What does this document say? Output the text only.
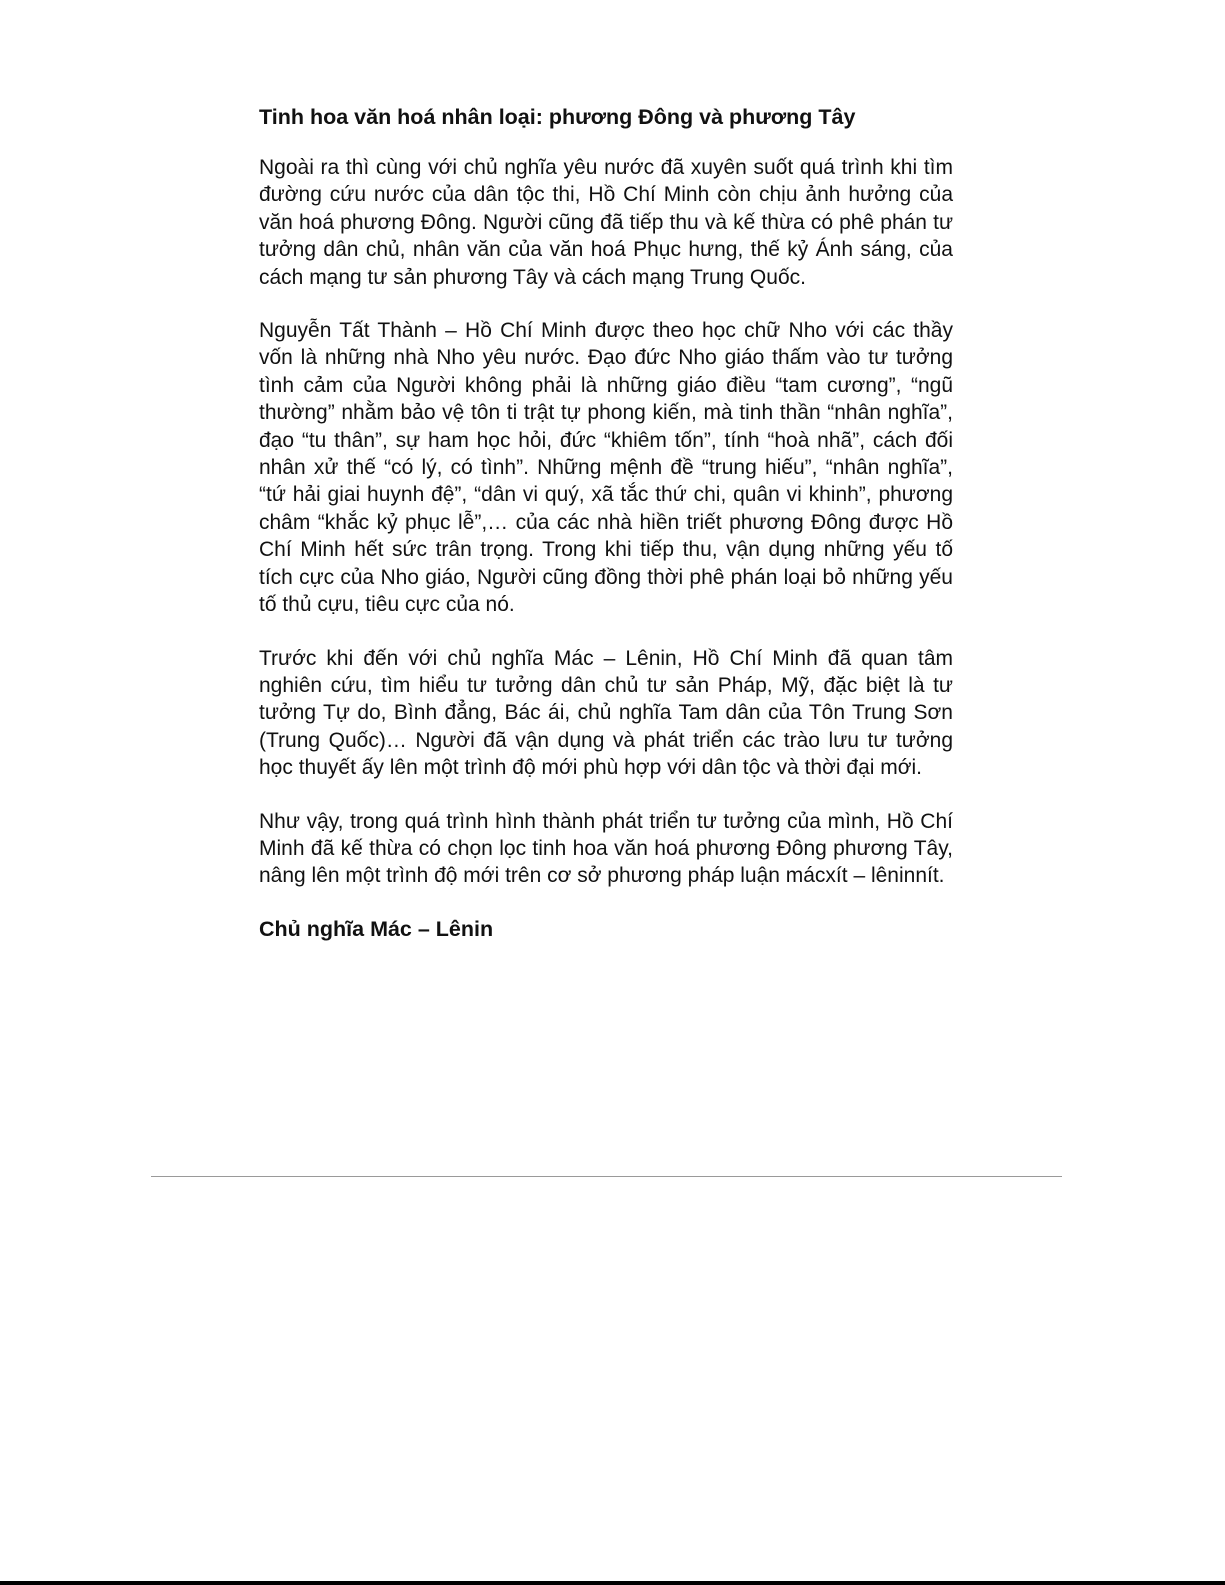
Tinh hoa văn hoá nhân loại: phương Đông và phương Tây

Ngoài ra thì cùng với chủ nghĩa yêu nước đã xuyên suốt quá trình khi tìm đường cứu nước của dân tộc thi, Hồ Chí Minh còn chịu ảnh hưởng của văn hoá phương Đông. Người cũng đã tiếp thu và kế thừa có phê phán tư tưởng dân chủ, nhân văn của văn hoá Phục hưng, thế kỷ Ánh sáng, của cách mạng tư sản phương Tây và cách mạng Trung Quốc.

Nguyễn Tất Thành – Hồ Chí Minh được theo học chữ Nho với các thầy vốn là những nhà Nho yêu nước. Đạo đức Nho giáo thấm vào tư tưởng tình cảm của Người không phải là những giáo điều “tam cương”, “ngũ thường” nhằm bảo vệ tôn ti trật tự phong kiến, mà tinh thần “nhân nghĩa”, đạo “tu thân”, sự ham học hỏi, đức “khiêm tốn”, tính “hoà nhã”, cách đối nhân xử thế “có lý, có tình”. Những mệnh đề “trung hiếu”, “nhân nghĩa”, “tứ hải giai huynh đệ”, “dân vi quý, xã tắc thứ chi, quân vi khinh”, phương châm “khắc kỷ phục lễ”,… của các nhà hiền triết phương Đông được Hồ Chí Minh hết sức trân trọng. Trong khi tiếp thu, vận dụng những yếu tố tích cực của Nho giáo, Người cũng đồng thời phê phán loại bỏ những yếu tố thủ cựu, tiêu cực của nó.

Trước khi đến với chủ nghĩa Mác – Lênin, Hồ Chí Minh đã quan tâm nghiên cứu, tìm hiểu tư tưởng dân chủ tư sản Pháp, Mỹ, đặc biệt là tư tưởng Tự do, Bình đẳng, Bác ái, chủ nghĩa Tam dân của Tôn Trung Sơn (Trung Quốc)… Người đã vận dụng và phát triển các trào lưu tư tưởng học thuyết ấy lên một trình độ mới phù hợp với dân tộc và thời đại mới.

Như vậy, trong quá trình hình thành phát triển tư tưởng của mình, Hồ Chí Minh đã kế thừa có chọn lọc tinh hoa văn hoá phương Đông phương Tây, nâng lên một trình độ mới trên cơ sở phương pháp luận mácxít – lêninnít.

Chủ nghĩa Mác – Lênin
